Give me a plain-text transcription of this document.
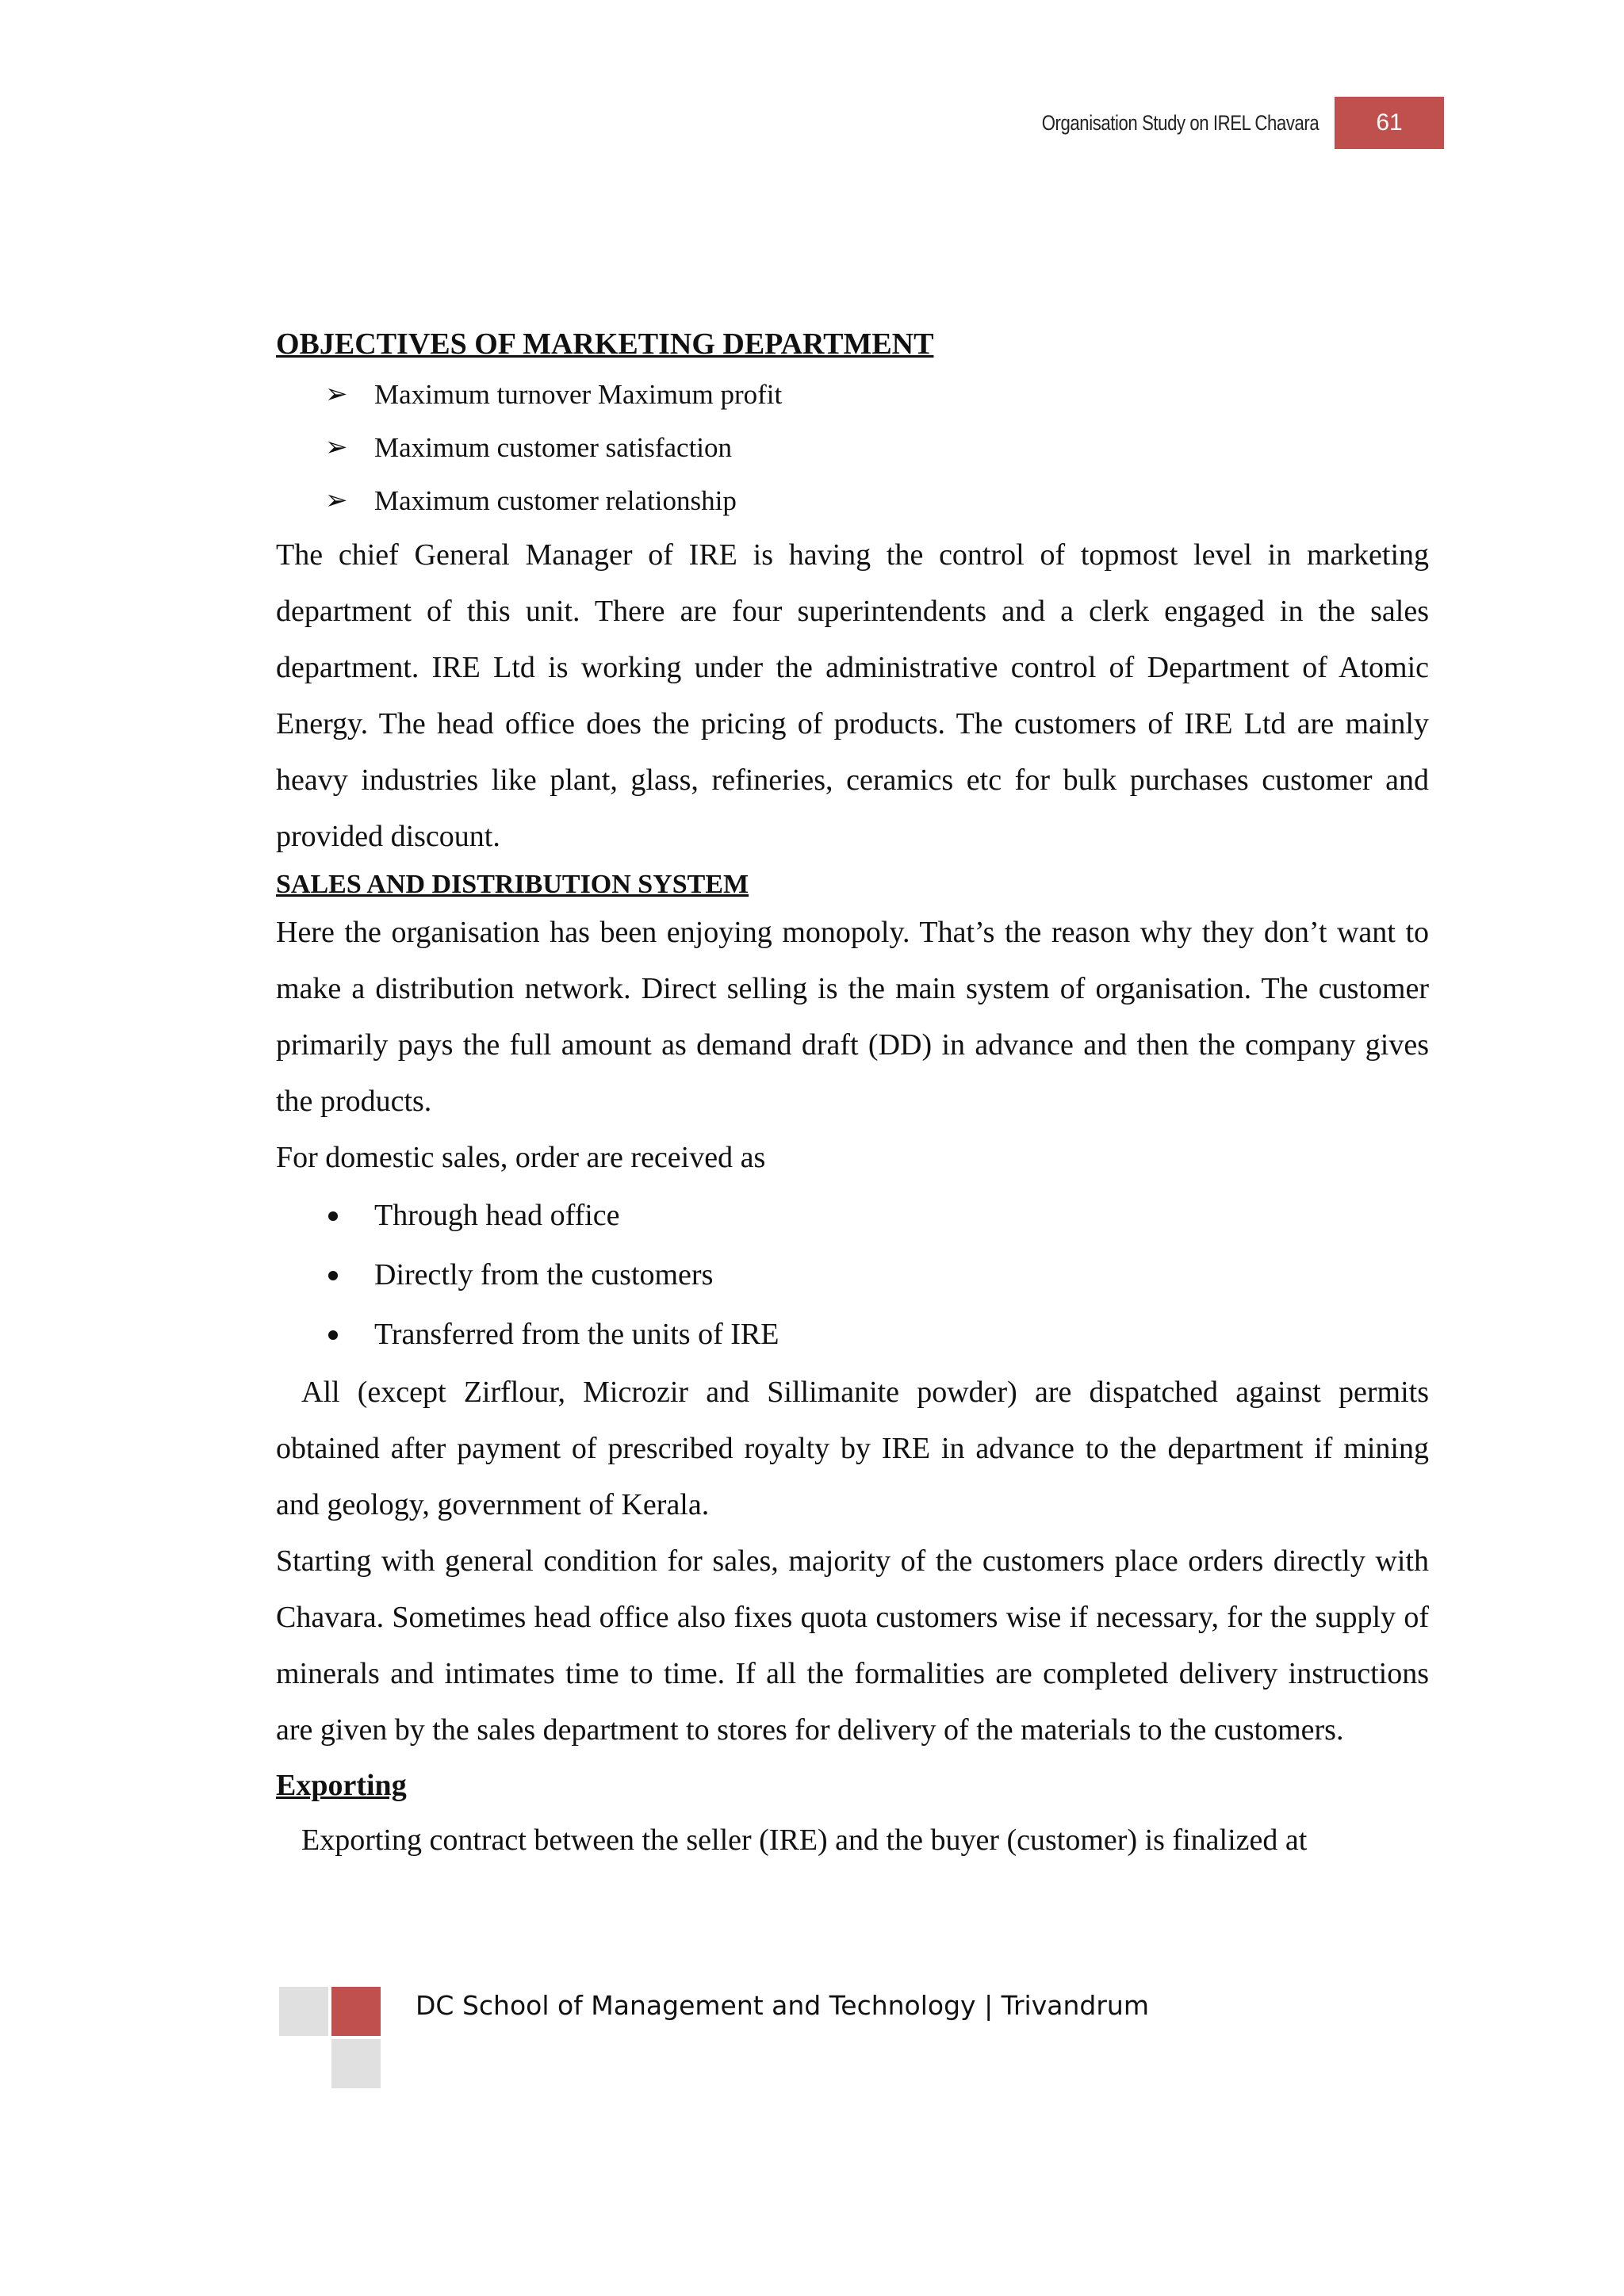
Organisation Study on IREL Chavara	61
OBJECTIVES OF MARKETING DEPARTMENT
➢ Maximum turnover Maximum profit
➢ Maximum customer satisfaction
➢ Maximum customer relationship

The chief General Manager of IRE is having the control of topmost level in marketing department of this unit. There are four superintendents and a clerk engaged in the sales department. IRE Ltd is working under the administrative control of Department of Atomic Energy. The head office does the pricing of products. The customers of IRE Ltd are mainly heavy industries like plant, glass, refineries, ceramics etc for bulk purchases customer and provided discount.

SALES AND DISTRIBUTION SYSTEM

Here the organisation has been enjoying monopoly. That’s the reason why they don’t want to make a distribution network. Direct selling is the main system of organisation. The customer primarily pays the full amount as demand draft (DD) in advance and then the company gives the products.

For domestic sales, order are received as

Through head office
Directly from the customers
Transferred from the units of IRE

All (except Zirflour, Microzir and Sillimanite powder) are dispatched against permits obtained after payment of prescribed royalty by IRE in advance to the department if mining and geology, government of Kerala.

Starting with general condition for sales, majority of the customers place orders directly with Chavara. Sometimes head office also fixes quota customers wise if necessary, for the supply of minerals and intimates time to time. If all the formalities are completed delivery instructions are given by the sales department to stores for delivery of the materials to the customers.

Exporting

Exporting contract between the seller (IRE) and the buyer (customer) is finalized at

DC School of Management and Technology | Trivandrum
